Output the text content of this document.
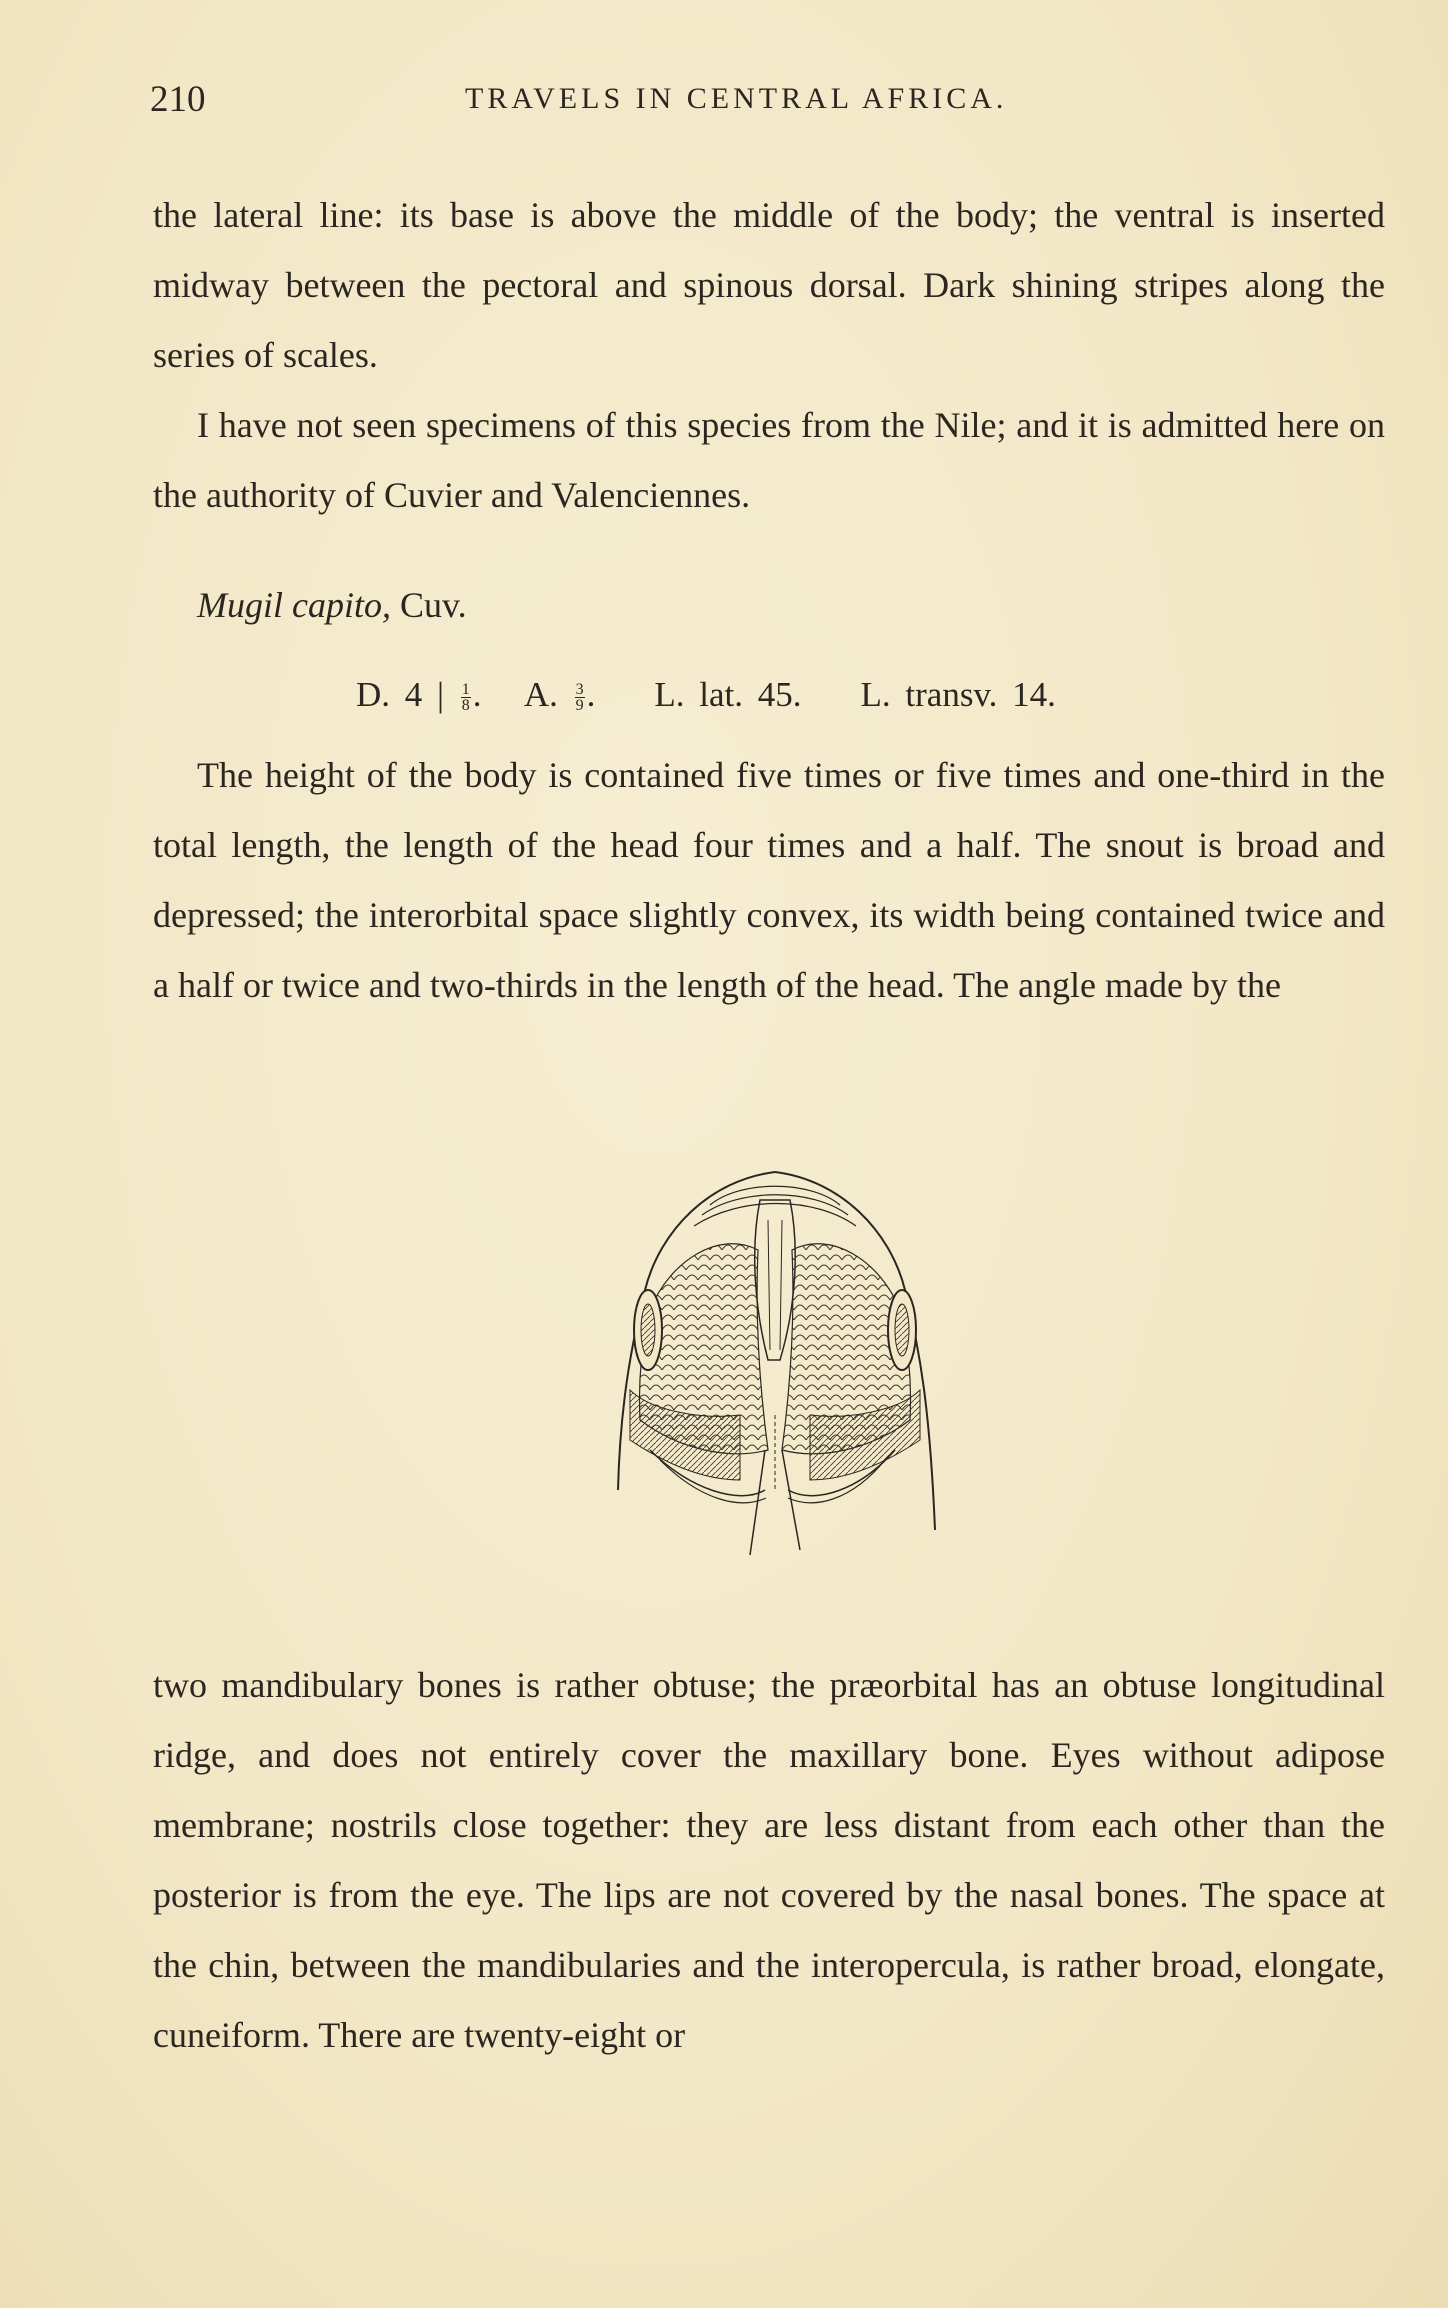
210	TRAVELS IN CENTRAL AFRICA.

the lateral line: its base is above the middle of the body; the ventral is inserted midway between the pectoral and spinous dorsal. Dark shining stripes along the series of scales.

I have not seen specimens of this species from the Nile; and it is admitted here on the authority of Cuvier and Valenciennes.

Mugil capito, Cuv.
D. 4 | $\frac{1}{8}$ .   A. $\frac{3}{9}$ .    L. lat. 45. L. transv. 14.

The height of the body is contained five times or five times and one-third in the total length, the length of the head four times and a half. The snout is broad and depressed; the interorbital space slightly convex, its width being contained twice and a half or twice and two-thirds in the length of the head. The angle made by the

two mandibulary bones is rather obtuse; the præorbital has an obtuse longitudinal ridge, and does not entirely cover the maxillary bone. Eyes without adipose membrane; nostrils close together: they are less distant from each other than the posterior is from the eye. The lips are not covered by the nasal bones. The space at the chin, between the mandibularies and the interopercula, is rather broad, elongate, cuneiform. There are twenty-eight or
